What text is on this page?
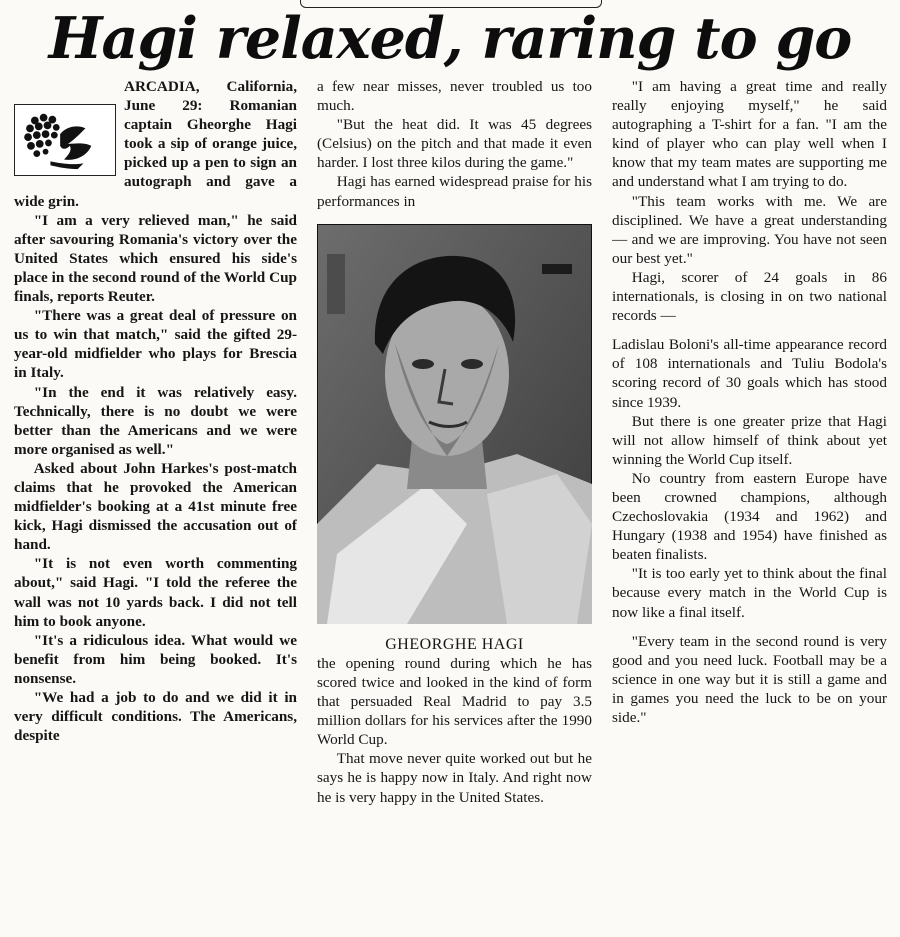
Hagi relaxed, raring to go

ARCADIA, California, June 29: Romanian captain Gheorghe Hagi took a sip of orange juice, picked up a pen to sign an autograph and gave a wide grin.

"I am a very relieved man," he said after savouring Romania's victory over the United States which ensured his side's place in the second round of the World Cup finals, reports Reuter.

"There was a great deal of pressure on us to win that match," said the gifted 29-year-old midfielder who plays for Brescia in Italy.

"In the end it was relatively easy. Technically, there is no doubt we were better than the Americans and we were more organised as well."

Asked about John Harkes's post-match claims that he provoked the American midfielder's booking at a 41st minute free kick, Hagi dismissed the accusation out of hand.

"It is not even worth commenting about," said Hagi. "I told the referee the wall was not 10 yards back. I did not tell him to book anyone.

"It's a ridiculous idea. What would we benefit from him being booked. It's nonsense.

"We had a job to do and we did it in very difficult conditions. The Americans, despite

a few near misses, never troubled us too much.

"But the heat did. It was 45 degrees (Celsius) on the pitch and that made it even harder. I lost three kilos during the game."

Hagi has earned widespread praise for his performances in

GHEORGHE HAGI

the opening round during which he has scored twice and looked in the kind of form that persuaded Real Madrid to pay 3.5 million dollars for his services after the 1990 World Cup.

That move never quite worked out but he says he is happy now in Italy. And right now he is very happy in the United States.

"I am having a great time and really really enjoying myself," he said autographing a T-shirt for a fan. "I am the kind of player who can play well when I know that my team mates are supporting me and understand what I am trying to do.

"This team works with me. We are disciplined. We have a great understanding — and we are improving. You have not seen our best yet."

Hagi, scorer of 24 goals in 86 internationals, is closing in on two national records —

Ladislau Boloni's all-time appearance record of 108 internationals and Tuliu Bodola's scoring record of 30 goals which has stood since 1939.

But there is one greater prize that Hagi will not allow himself of think about yet winning the World Cup itself.

No country from eastern Europe have been crowned champions, although Czechoslovakia (1934 and 1962) and Hungary (1938 and 1954) have finished as beaten finalists.

"It is too early yet to think about the final because every match in the World Cup is now like a final itself.

"Every team in the second round is very good and you need luck. Football may be a science in one way but it is still a game and in games you need the luck to be on your side."
